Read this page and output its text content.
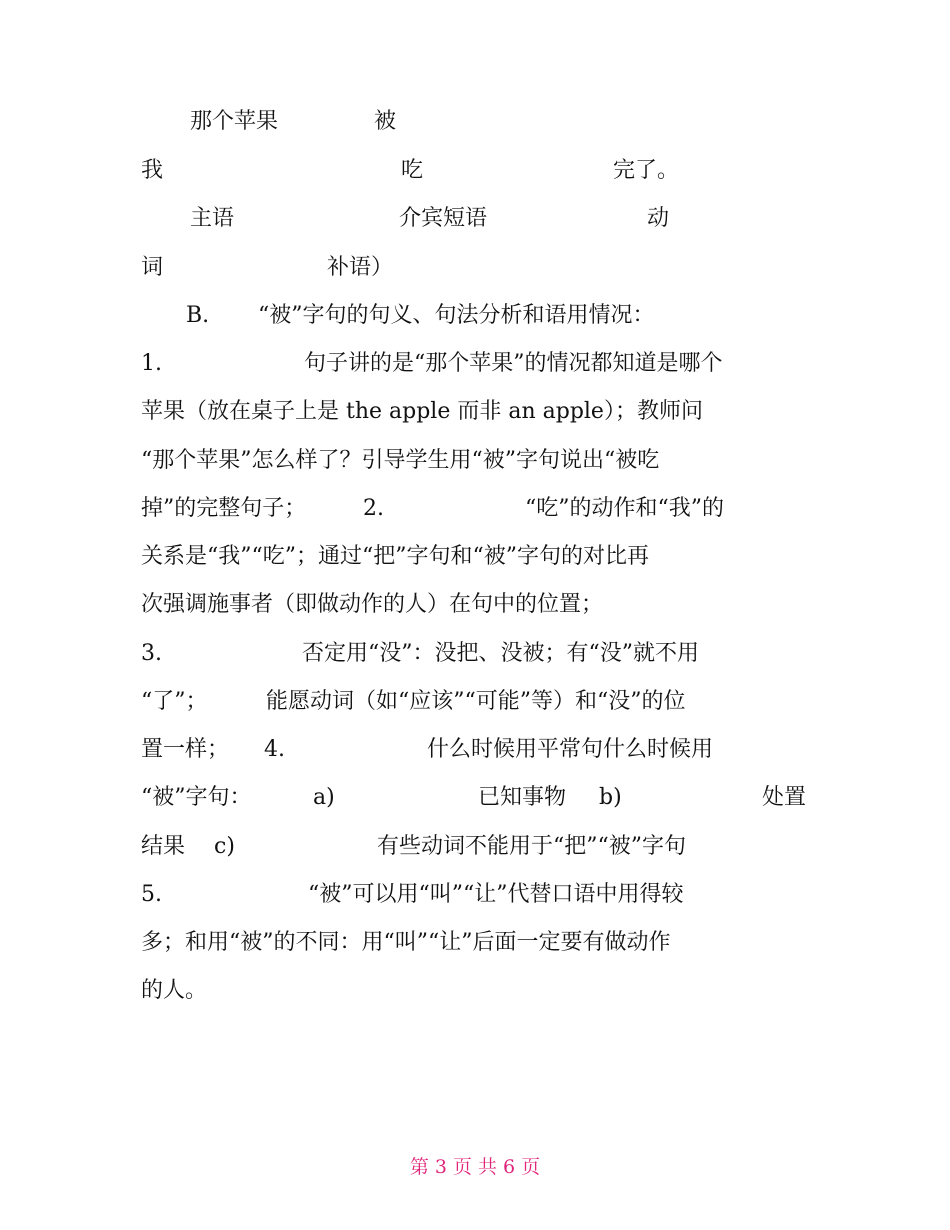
那个苹果	被
我	吃	完了。
主语	介宾短语	动
词	补语）
B. “被”字句的句义、句法分析和语用情况：
1.	句子讲的是“那个苹果”的情况都知道是哪个
苹果（放在桌子上是 the apple 而非 an apple）；教师问
“那个苹果”怎么样了？引导学生用“被”字句说出“被吃
掉”的完整句子；	2.	“吃”的动作和“我”的
关系是“我”“吃”；通过“把”字句和“被”字句的对比再
次强调施事者（即做动作的人）在句中的位置；
3.	否定用“没”：没把、没被；有“没”就不用
“了”；	能愿动词（如“应该”“可能”等）和“没”的位
置一样； 4.	什么时候用平常句什么时候用
“被”字句：	a)	已知事物 b)	处置
结果 c)	有些动词不能用于“把”“被”字句
5.	“被”可以用“叫”“让”代替口语中用得较
多；和用“被”的不同：用“叫”“让”后面一定要有做动作
的人。
第 3 页 共 6 页
